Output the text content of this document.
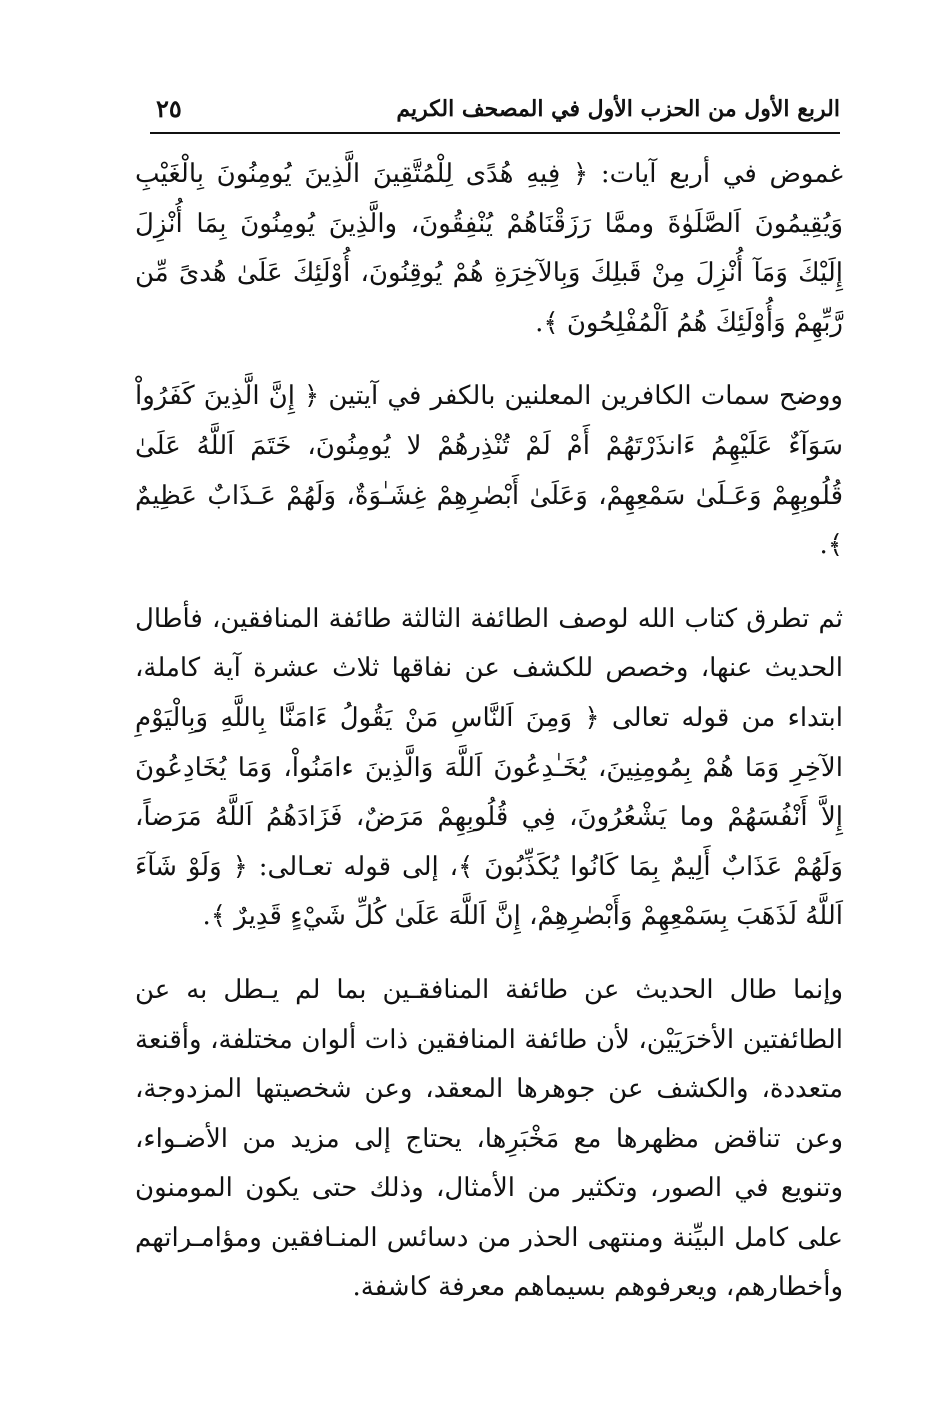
الربع الأول من الحزب الأول في المصحف الكريم
٢٥

غموض في أربع آيات: ﴿ فِيهِ هُدًى لِلْمُتَّقِينَ الَّذِينَ يُومِنُونَ بِالْغَيْبِ وَيُقِيمُونَ اَلصَّلَوٰةَ وممَّا رَزَقْنَاهُمْ يُنْفِقُونَ، والَّذِينَ يُومِنُونَ بِمَا أُنْزِلَ إِلَيْكَ وَمَآ أُنْزِلَ مِنْ قَبلِكَ وَبِالآخِرَةِ هُمْ يُوقِنُونَ، أُوْلَئِكَ عَلَىٰ هُدىً مِّن رَّبِّهِمْ وَأُوْلَئِكَ هُمُ اَلْمُفْلِحُونَ ﴾.

ووضح سمات الكافرين المعلنين بالكفر في آيتين ﴿ إِنَّ الَّذِينَ كَفَرُواْ سَوَآءٌ عَلَيْهِمُ ءَانذَرْتَهُمْ أَمْ لَمْ تُنْذِرهُمْ لا يُومِنُونَ، خَتَمَ اَللَّهُ عَلَىٰ قُلُوبِهِمْ وَعَـلَىٰ سَمْعِهِمْ، وَعَلَىٰ أَبْصٰرِهِمْ غِشَـٰوَةٌ، وَلَهُمْ عَـذَابٌ عَظِيمٌ ﴾.

ثم تطرق كتاب الله لوصف الطائفة الثالثة طائفة المنافقين، فأطال الحديث عنها، وخصص للكشف عن نفاقها ثلاث عشرة آية كاملة، ابتداء من قوله تعالى ﴿ وَمِنَ اَلنَّاسِ مَنْ يَقُولُ ءَامَنَّا بِاللَّهِ وَبِالْيَوْمِ الآخِرِ وَمَا هُمْ بِمُومِنِينَ، يُخَـٰدِعُونَ اَللَّهَ وَالَّذِينَ ءامَنُواْ، وَمَا يُخَادِعُونَ إِلاَّ أَنْفُسَهُمْ وما يَشْعُرُونَ، فِي قُلُوبِهِمْ مَرَضٌ، فَزَادَهُمُ اَللَّهُ مَرَضاً، وَلَهُمْ عَذَابٌ أَلِيمٌ بِمَا كَانُوا يُكَذِّبُونَ ﴾، إلى قوله تعـالى: ﴿ وَلَوْ شَآءَ اَللَّهُ لَذَهَبَ بِسَمْعِهِمْ وَأَبْصٰرِهِمْ، إِنَّ اَللَّهَ عَلَىٰ كُلِّ شَيْءٍ قَدِيرٌ ﴾.

وإنما طال الحديث عن طائفة المنافقـين بما لم يـطل به عن الطائفتين الأخرَيَيْن، لأن طائفة المنافقين ذات ألوان مختلفة، وأقنعة متعددة، والكشف عن جوهرها المعقد، وعن شخصيتها المزدوجة، وعن تناقض مظهرها مع مَخْبَرِها، يحتاج إلى مزيد من الأضـواء، وتنويع في الصور، وتكثير من الأمثال، وذلك حتى يكون المومنون على كامل البيِّنة ومنتهى الحذر من دسائس المنـافقين ومؤامـراتهم وأخطارهم، ويعرفوهم بسيماهم معرفة كاشفة.
